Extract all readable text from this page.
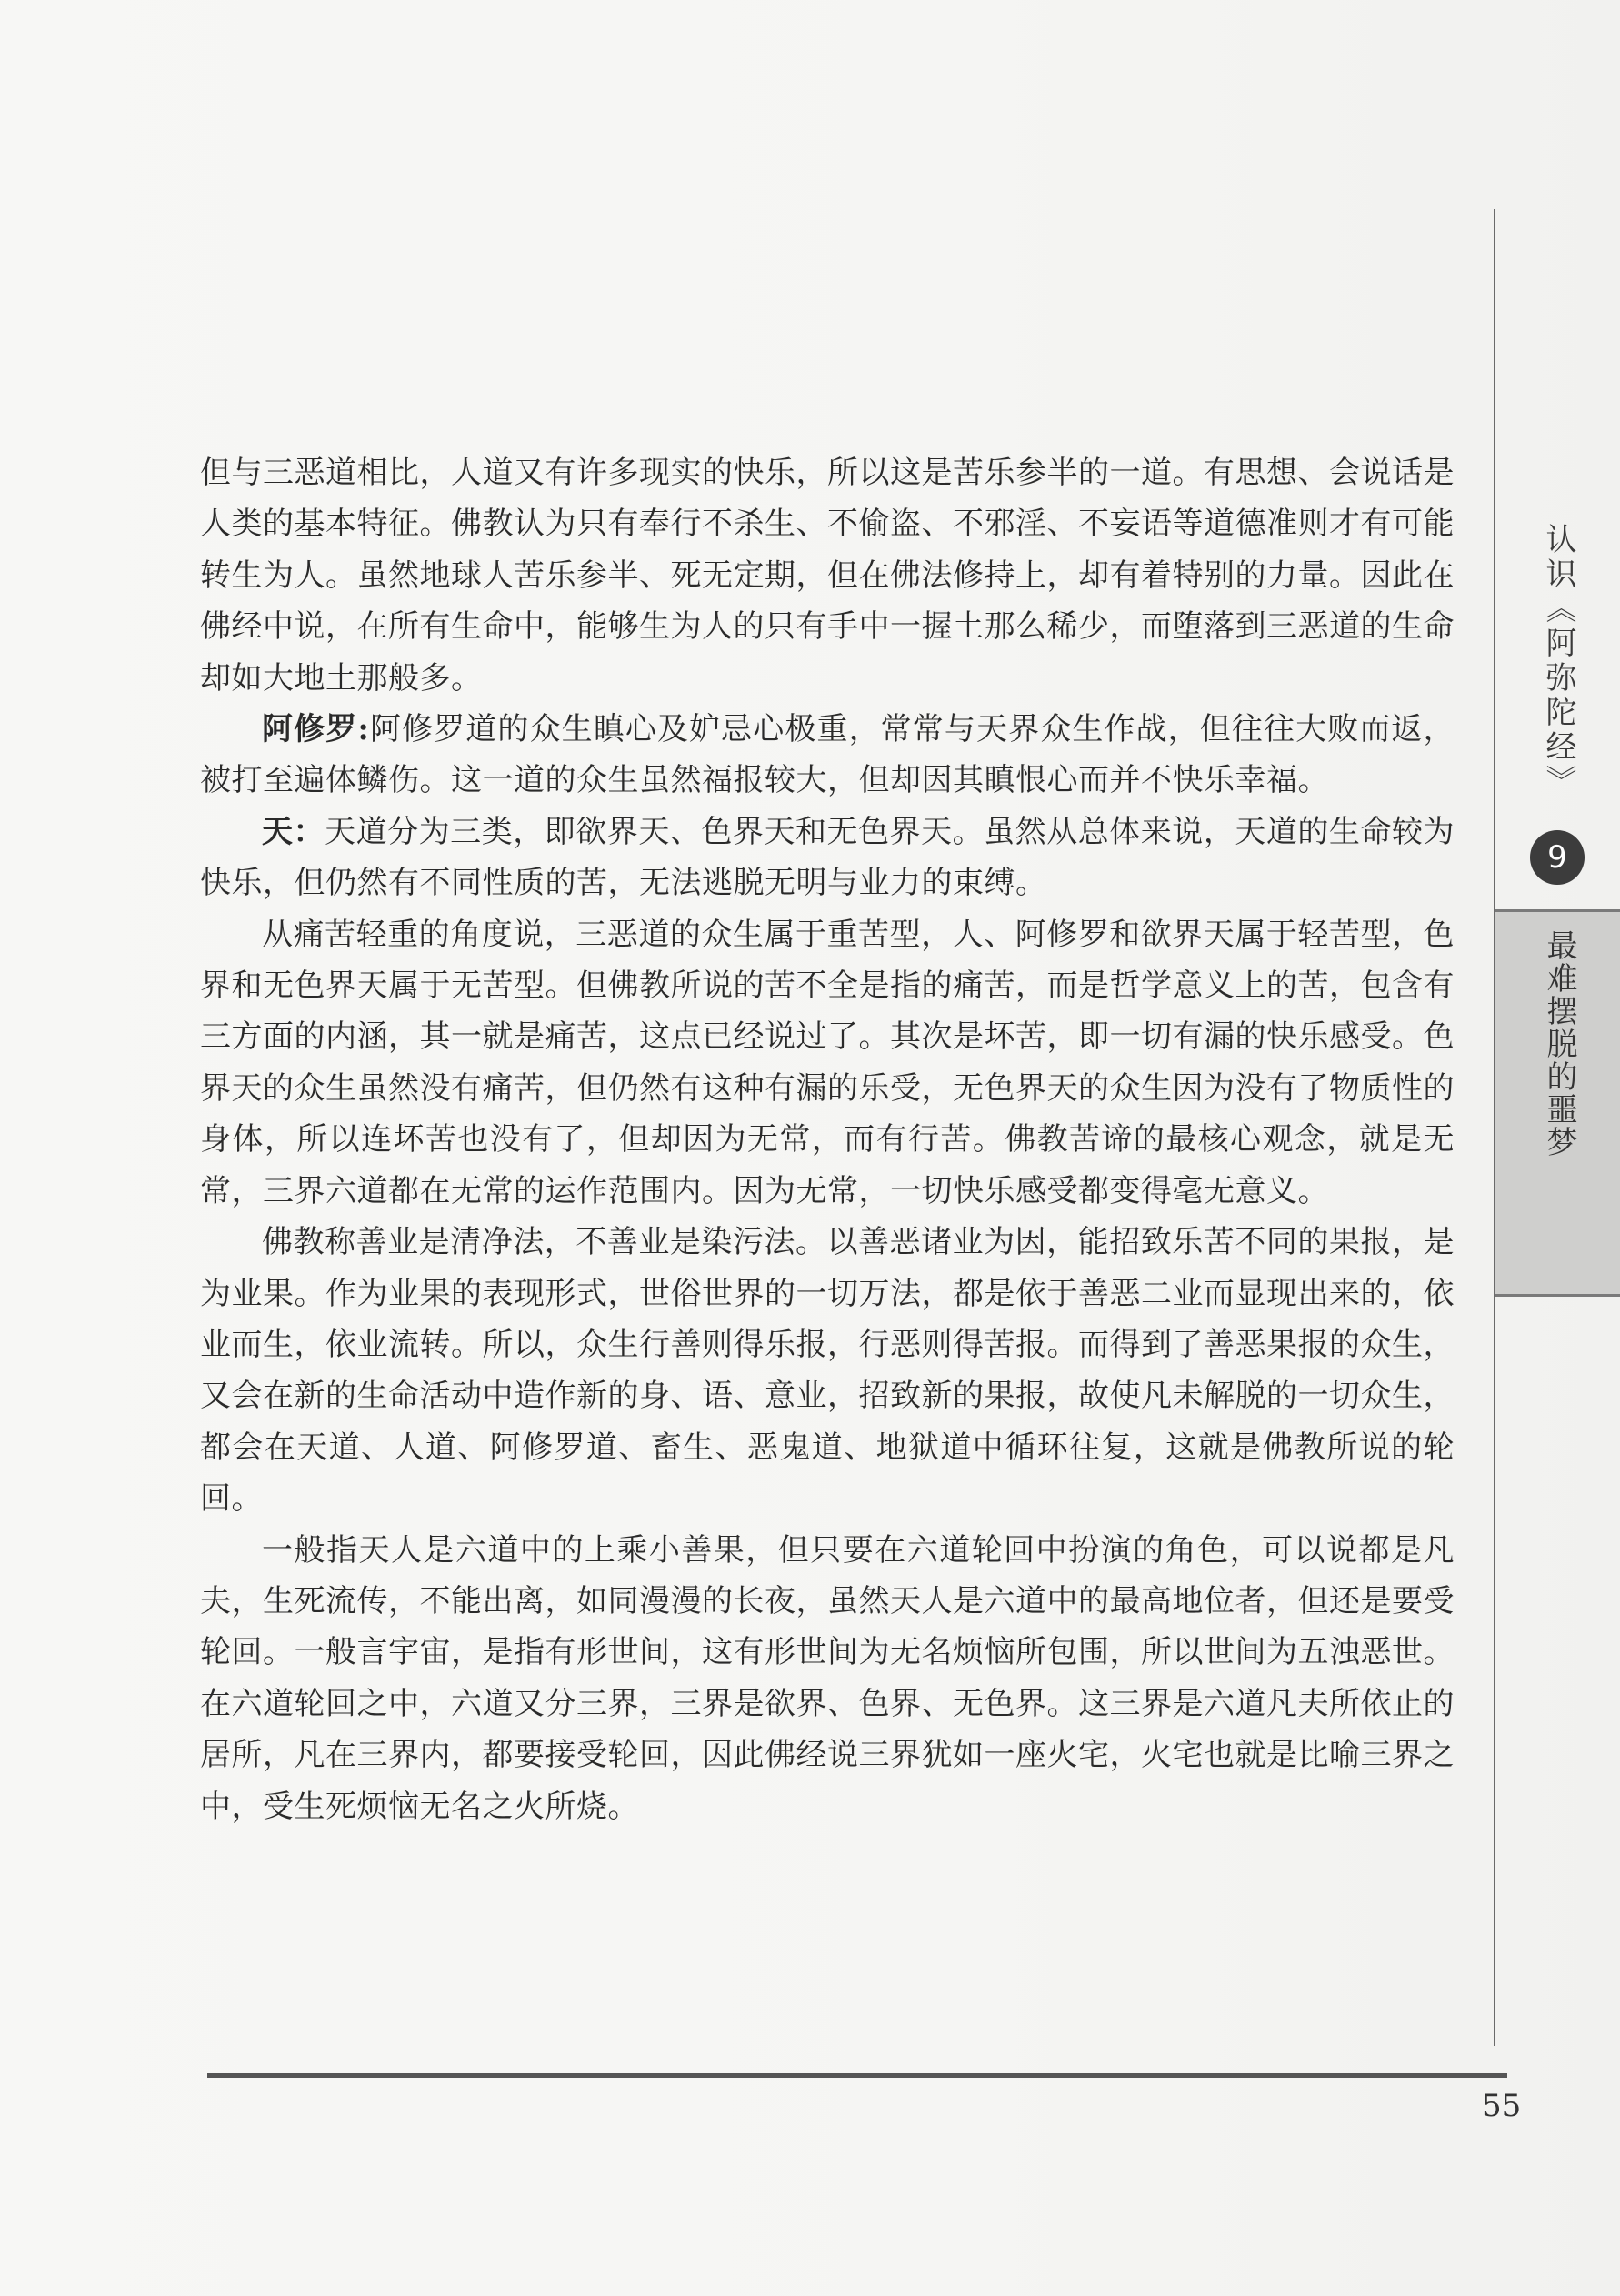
但与三恶道相比，人道又有许多现实的快乐，所以这是苦乐参半的一道。有思想、会说话是人类的基本特征。佛教认为只有奉行不杀生、不偷盗、不邪淫、不妄语等道德准则才有可能转生为人。虽然地球人苦乐参半、死无定期，但在佛法修持上，却有着特别的力量。因此在佛经中说，在所有生命中，能够生为人的只有手中一握土那么稀少，而堕落到三恶道的生命却如大地土那般多。

阿修罗:阿修罗道的众生瞋心及妒忌心极重，常常与天界众生作战，但往往大败而返，被打至遍体鳞伤。这一道的众生虽然福报较大，但却因其瞋恨心而并不快乐幸福。

天：天道分为三类，即欲界天、色界天和无色界天。虽然从总体来说，天道的生命较为快乐，但仍然有不同性质的苦，无法逃脱无明与业力的束缚。

从痛苦轻重的角度说，三恶道的众生属于重苦型，人、阿修罗和欲界天属于轻苦型，色界和无色界天属于无苦型。但佛教所说的苦不全是指的痛苦，而是哲学意义上的苦，包含有三方面的内涵，其一就是痛苦，这点已经说过了。其次是坏苦，即一切有漏的快乐感受。色界天的众生虽然没有痛苦，但仍然有这种有漏的乐受，无色界天的众生因为没有了物质性的身体，所以连坏苦也没有了，但却因为无常，而有行苦。佛教苦谛的最核心观念，就是无常，三界六道都在无常的运作范围内。因为无常，一切快乐感受都变得毫无意义。

佛教称善业是清净法，不善业是染污法。以善恶诸业为因，能招致乐苦不同的果报，是为业果。作为业果的表现形式，世俗世界的一切万法，都是依于善恶二业而显现出来的，依业而生，依业流转。所以，众生行善则得乐报，行恶则得苦报。而得到了善恶果报的众生，又会在新的生命活动中造作新的身、语、意业，招致新的果报，故使凡未解脱的一切众生，都会在天道、人道、阿修罗道、畜生、恶鬼道、地狱道中循环往复，这就是佛教所说的轮回。

一般指天人是六道中的上乘小善果，但只要在六道轮回中扮演的角色，可以说都是凡夫，生死流传，不能出离，如同漫漫的长夜，虽然天人是六道中的最高地位者，但还是要受轮回。一般言宇宙，是指有形世间，这有形世间为无名烦恼所包围，所以世间为五浊恶世。在六道轮回之中，六道又分三界，三界是欲界、色界、无色界。这三界是六道凡夫所依止的居所，凡在三界内，都要接受轮回，因此佛经说三界犹如一座火宅，火宅也就是比喻三界之中，受生死烦恼无名之火所烧。

认识《阿弥陀经》
9
最难摆脱的噩梦
55
